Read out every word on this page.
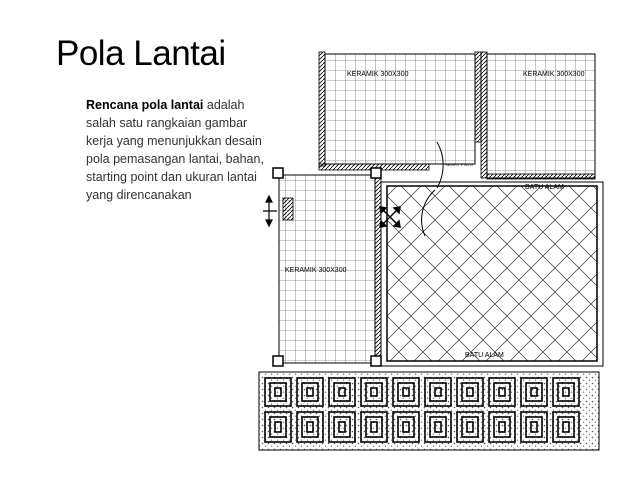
Pola Lantai
Rencana pola lantai adalah salah satu rangkaian gambar kerja yang menunjukkan desain pola pemasangan lantai, bahan, starting point dan ukuran lantai yang direncanakan
KERAMIK 300X300	KERAMIK 300X300
KERAMIK 300X300
BATU ALAM
BATU ALAM
SEMPIT PINTU
